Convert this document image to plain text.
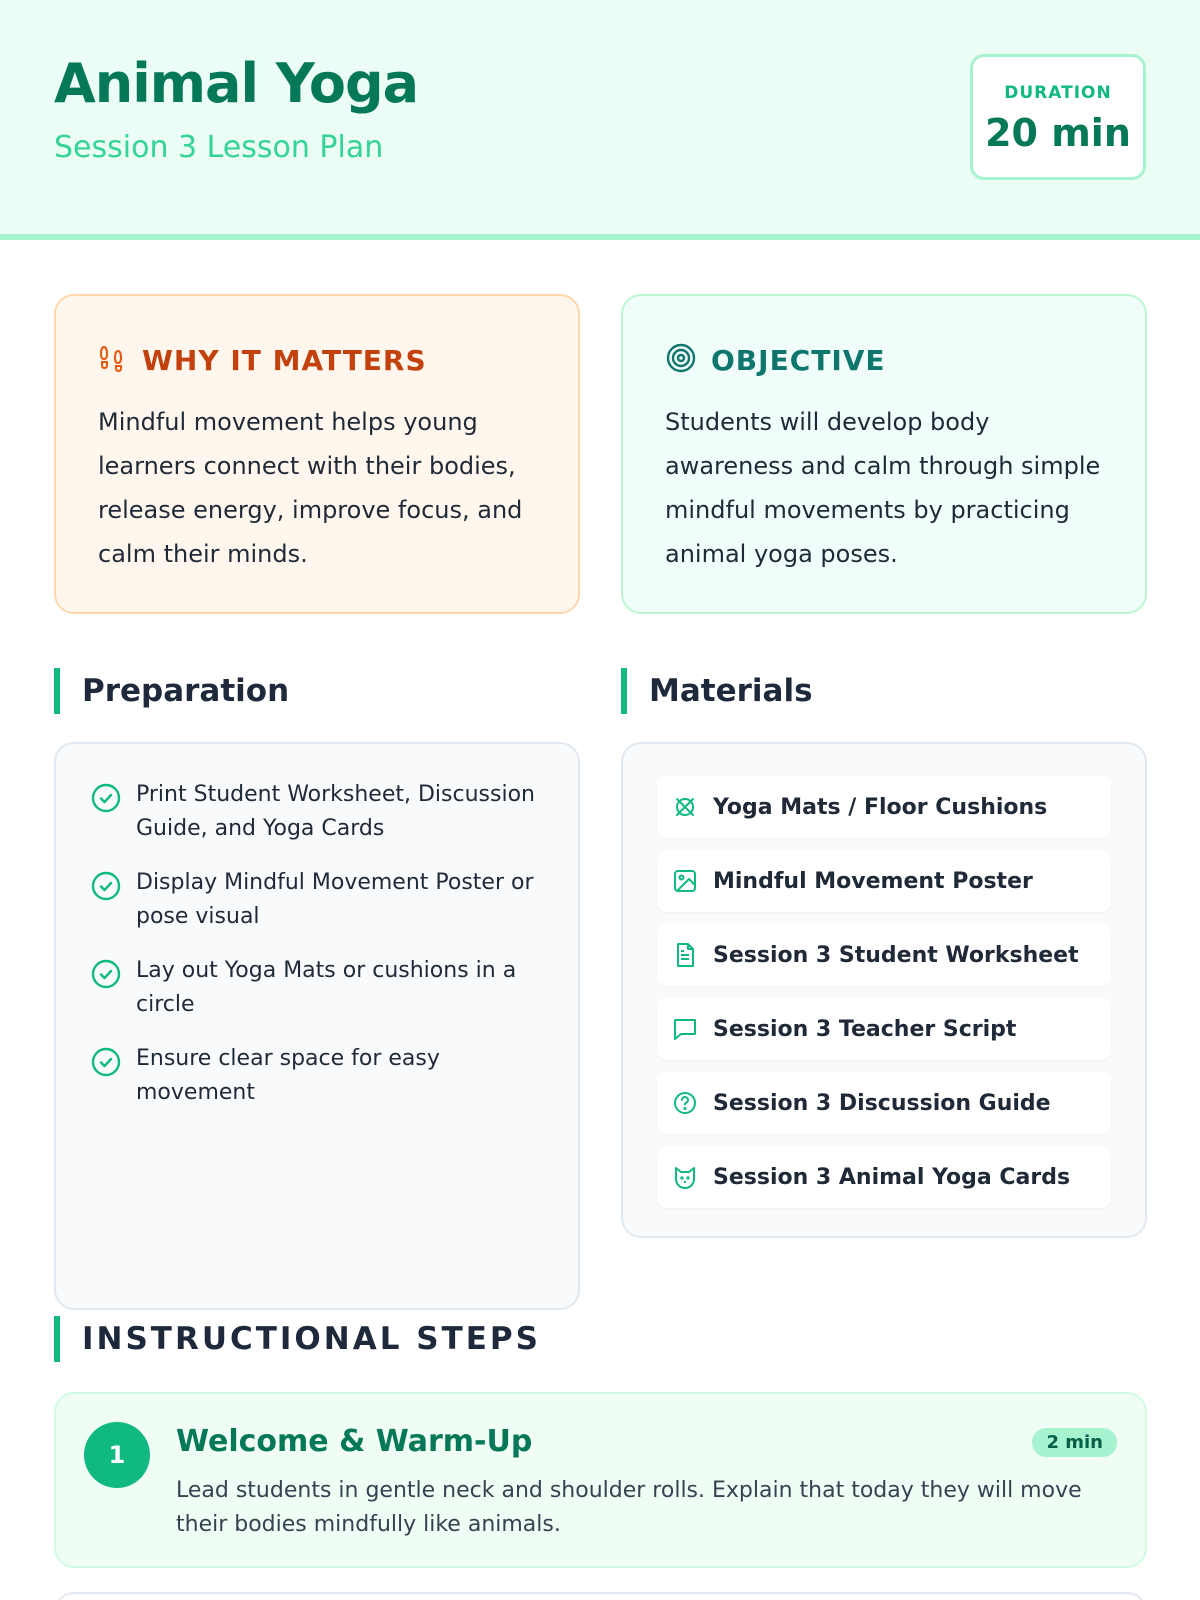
Animal Yoga
Session 3 Lesson Plan
DURATION
20 min
WHY IT MATTERS
Mindful movement helps young learners connect with their bodies, release energy, improve focus, and calm their minds.
OBJECTIVE
Students will develop body awareness and calm through simple mindful movements by practicing animal yoga poses.
Preparation	Materials
Print Student Worksheet, Discussion Guide, and Yoga Cards
Display Mindful Movement Poster or pose visual
Lay out Yoga Mats or cushions in a circle
Ensure clear space for easy movement
Yoga Mats / Floor Cushions
Mindful Movement Poster
Session 3 Student Worksheet
Session 3 Teacher Script
Session 3 Discussion Guide
Session 3 Animal Yoga Cards
INSTRUCTIONAL STEPS
1	Welcome & Warm-Up	2 min
Lead students in gentle neck and shoulder rolls. Explain that today they will move their bodies mindfully like animals.
